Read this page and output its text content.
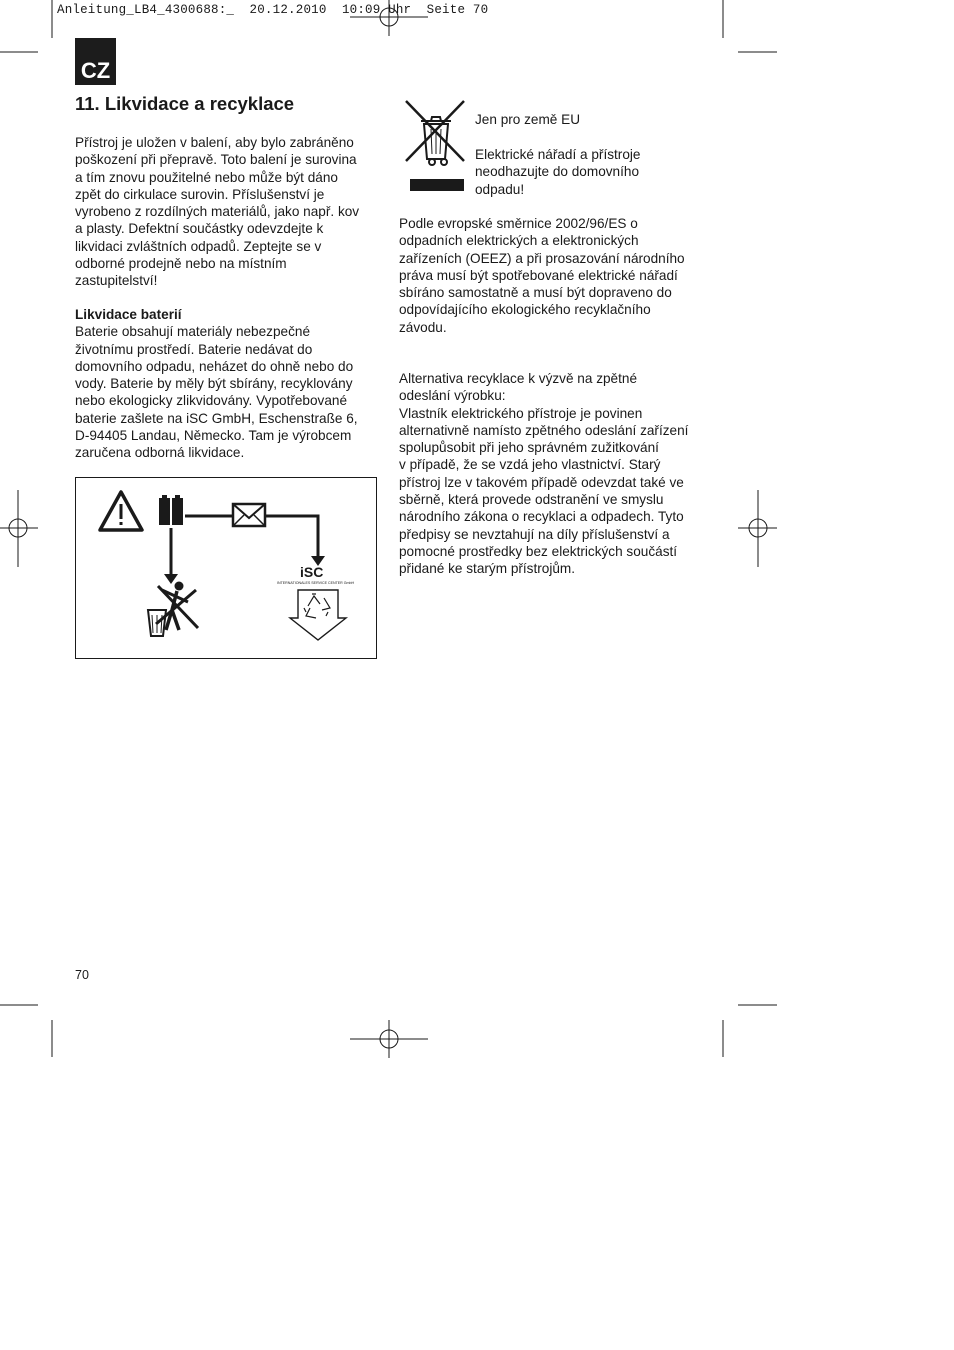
Anleitung_LB4_4300688:_  20.12.2010  10:09 Uhr  Seite 70
CZ
11. Likvidace a recyklace
Přístroj je uložen v balení, aby bylo zabráněno
poškození při přepravě. Toto balení je surovina
a tím znovu použitelné nebo může být dáno
zpět do cirkulace surovin. Příslušenství je
vyrobeno z rozdílných materiálů, jako např. kov
a plasty. Defektní součástky odevzdejte k
likvidaci zvláštních odpadů. Zeptejte se v
odborné prodejně nebo na místním
zastupitelství!
Likvidace baterií
Baterie obsahují materiály nebezpečné
životnímu prostředí. Baterie nedávat do
domovního odpadu, neházet do ohně nebo do
vody. Baterie by měly být sbírány, recyklovány
nebo ekologicky zlikvidovány. Vypotřebované
baterie zašlete na iSC GmbH, Eschenstraße 6,
D-94405 Landau, Německo. Tam je výrobcem
zaručena odborná likvidace.
iSC
INTERNATIONALES SERVICE CENTER GmbH
Jen pro země EU
Elektrické nářadí a přístroje
neodhazujte do domovního
odpadu!
Podle evropské směrnice 2002/96/ES o
odpadních elektrických a elektronických
zařízeních (OEEZ) a při prosazování národního
práva musí být spotřebované elektrické nářadí
sbíráno samostatně a musí být dopraveno do
odpovídajícího ekologického recyklačního
závodu.
Alternativa recyklace k výzvě na zpětné
odeslání výrobku:
Vlastník elektrického přístroje je povinen
alternativně namísto zpětného odeslání zařízení
spolupůsobit při jeho správném zužitkování
v případě, že se vzdá jeho vlastnictví. Starý
přístroj lze v takovém případě odevzdat také ve
sběrně, která provede odstranění ve smyslu
národního zákona o recyklaci a odpadech. Tyto
předpisy se nevztahují na díly příslušenství a
pomocné prostředky bez elektrických součástí
přidané ke starým přístrojům.
70
